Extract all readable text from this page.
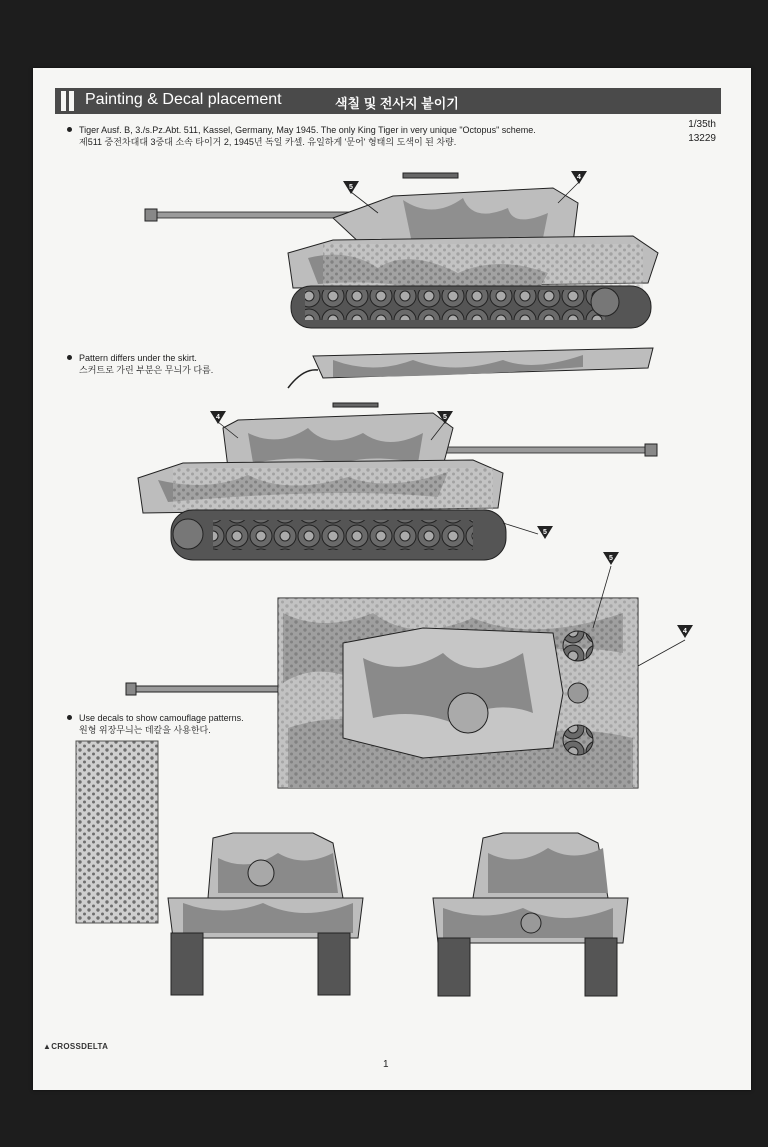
Painting & Decal placement	색칠 및 전사지 붙이기
1/35th
13229
Tiger Ausf. B, 3./s.Pz.Abt. 511, Kassel, Germany, May 1945. The only King Tiger in very unique "Octopus" scheme.
제511 중전차대대 3중대 소속 타이거 2, 1945년 독일 카셀. 유일하게 '문어' 형태의 도색이 된 차량.
Pattern differs under the skirt.
스커트로 가린 부분은 무늬가 다름.
Use decals to show camouflage patterns.
원형 위장무늬는 데칼을 사용한다.
5
4
4	5
5
5
4
▲CROSSDELTA
1
